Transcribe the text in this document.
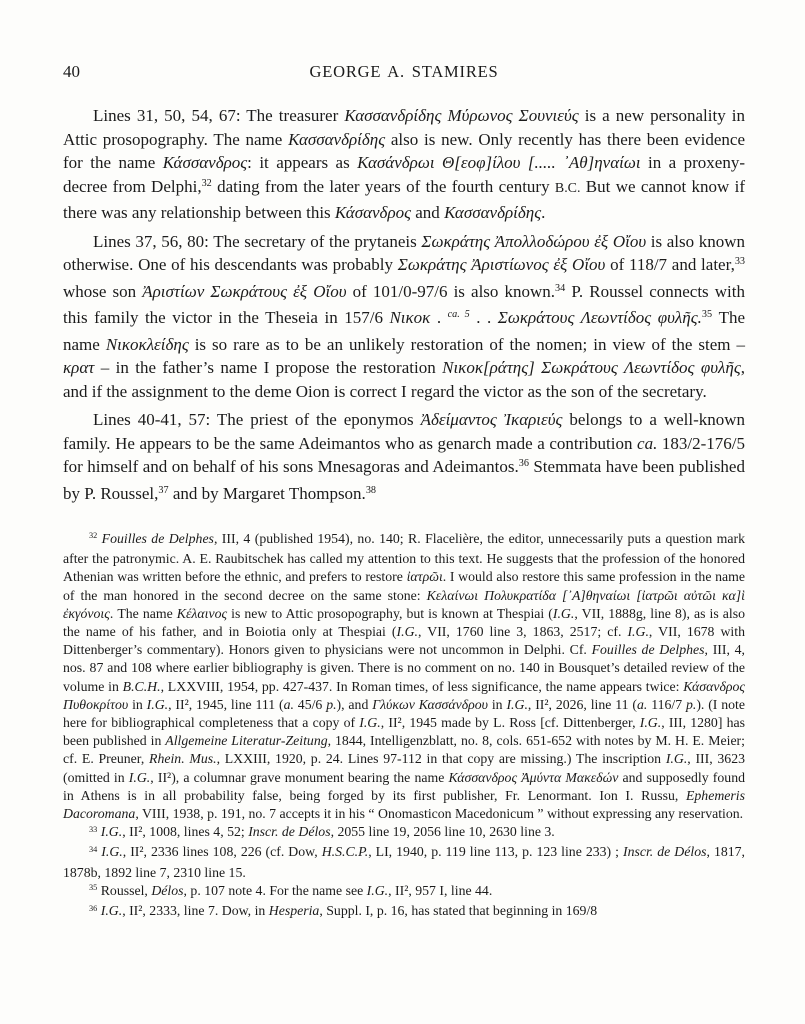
40	GEORGE A. STAMIRES

Lines 31, 50, 54, 67: The treasurer Κασσανδρίδης Μύρωνος Σουνιεύς is a new personality in Attic prosopography. The name Κασσανδρίδης also is new. Only recently has there been evidence for the name Κάσσανδρος: it appears as Κασάνδρωι Θ[εοφ]ίλου [..... ᾿Αθ]ηναίωι in a proxeny-decree from Delphi,$^{32}$ dating from the later years of the fourth century B.C. But we cannot know if there was any relationship between this Κάσανδρος and Κασσανδρίδης.

Lines 37, 56, 80: The secretary of the prytaneis Σωκράτης Ἀπολλοδώρου ἐξ Οἴου is also known otherwise. One of his descendants was probably Σωκράτης Ἀριστίωνος ἐξ Οἴου of 118/7 and later,$^{33}$ whose son Ἀριστίων Σωκράτους ἐξ Οἴου of 101/0-97/6 is also known.$^{34}$ P. Roussel connects with this family the victor in the Theseia in 157/6 Νικοκ . $^{ca. 5}$ . . Σωκράτους Λεωντίδος φυλῆς.$^{35}$ The name Νικοκλείδης is so rare as to be an unlikely restoration of the nomen; in view of the stem – κρατ – in the father’s name I propose the restoration Νικοκ[ράτης] Σωκράτους Λεωντίδος φυλῆς, and if the assignment to the deme Oion is correct I regard the victor as the son of the secretary.

Lines 40-41, 57: The priest of the eponymos Ἀδείμαντος Ἰκαριεύς belongs to a well-known family. He appears to be the same Adeimantos who as genarch made a contribution ca. 183/2-176/5 for himself and on behalf of his sons Mnesagoras and Adeimantos.$^{36}$ Stemmata have been published by P. Roussel,$^{37}$ and by Margaret Thompson.$^{38}$

$^{32}$ Fouilles de Delphes, III, 4 (published 1954), no. 140; R. Flacelière, the editor, unnecessarily puts a question mark after the patronymic. A. E. Raubitschek has called my attention to this text. He suggests that the profession of the honored Athenian was written before the ethnic, and prefers to restore ἰατρῶι. I would also restore this same profession in the name of the man honored in the second decree on the same stone: Κελαίνωι Πολυκρατίδα [᾿Α]θηναίωι [ἰατρῶι αὐτῶι κα]ὶ ἐκγόνοις. The name Κέλαινος is new to Attic prosopography, but is known at Thespiai (I.G., VII, 1888g, line 8), as is also the name of his father, and in Boiotia only at Thespiai (I.G., VII, 1760 line 3, 1863, 2517; cf. I.G., VII, 1678 with Dittenberger’s commentary). Honors given to physicians were not uncommon in Delphi. Cf. Fouilles de Delphes, III, 4, nos. 87 and 108 where earlier bibliography is given. There is no comment on no. 140 in Bousquet’s detailed review of the volume in B.C.H., LXXVIII, 1954, pp. 427-437. In Roman times, of less significance, the name appears twice: Κάσανδρος Πυθοκρίτου in I.G., II², 1945, line 111 (a. 45/6 p.), and Γλύκων Κασσάνδρου in I.G., II², 2026, line 11 (a. 116/7 p.). (I note here for bibliographical completeness that a copy of I.G., II², 1945 made by L. Ross [cf. Dittenberger, I.G., III, 1280] has been published in Allgemeine Literatur-Zeitung, 1844, Intelligenzblatt, no. 8, cols. 651-652 with notes by M. H. E. Meier; cf. E. Preuner, Rhein. Mus., LXXIII, 1920, p. 24. Lines 97-112 in that copy are missing.) The inscription I.G., III, 3623 (omitted in I.G., II²), a columnar grave monument bearing the name Κάσσανδρος Ἀμύντα Μακεδών and supposedly found in Athens is in all probability false, being forged by its first publisher, Fr. Lenormant. Ion I. Russu, Ephemeris Dacoromana, VIII, 1938, p. 191, no. 7 accepts it in his “ Onomasticon Macedonicum ” without expressing any reservation.

$^{33}$ I.G., II², 1008, lines 4, 52; Inscr. de Délos, 2055 line 19, 2056 line 10, 2630 line 3.

$^{34}$ I.G., II², 2336 lines 108, 226 (cf. Dow, H.S.C.P., LI, 1940, p. 119 line 113, p. 123 line 233) ; Inscr. de Délos, 1817, 1878b, 1892 line 7, 2310 line 15.

$^{35}$ Roussel, Délos, p. 107 note 4. For the name see I.G., II², 957 I, line 44.

$^{36}$ I.G., II², 2333, line 7. Dow, in Hesperia, Suppl. I, p. 16, has stated that beginning in 169/8
